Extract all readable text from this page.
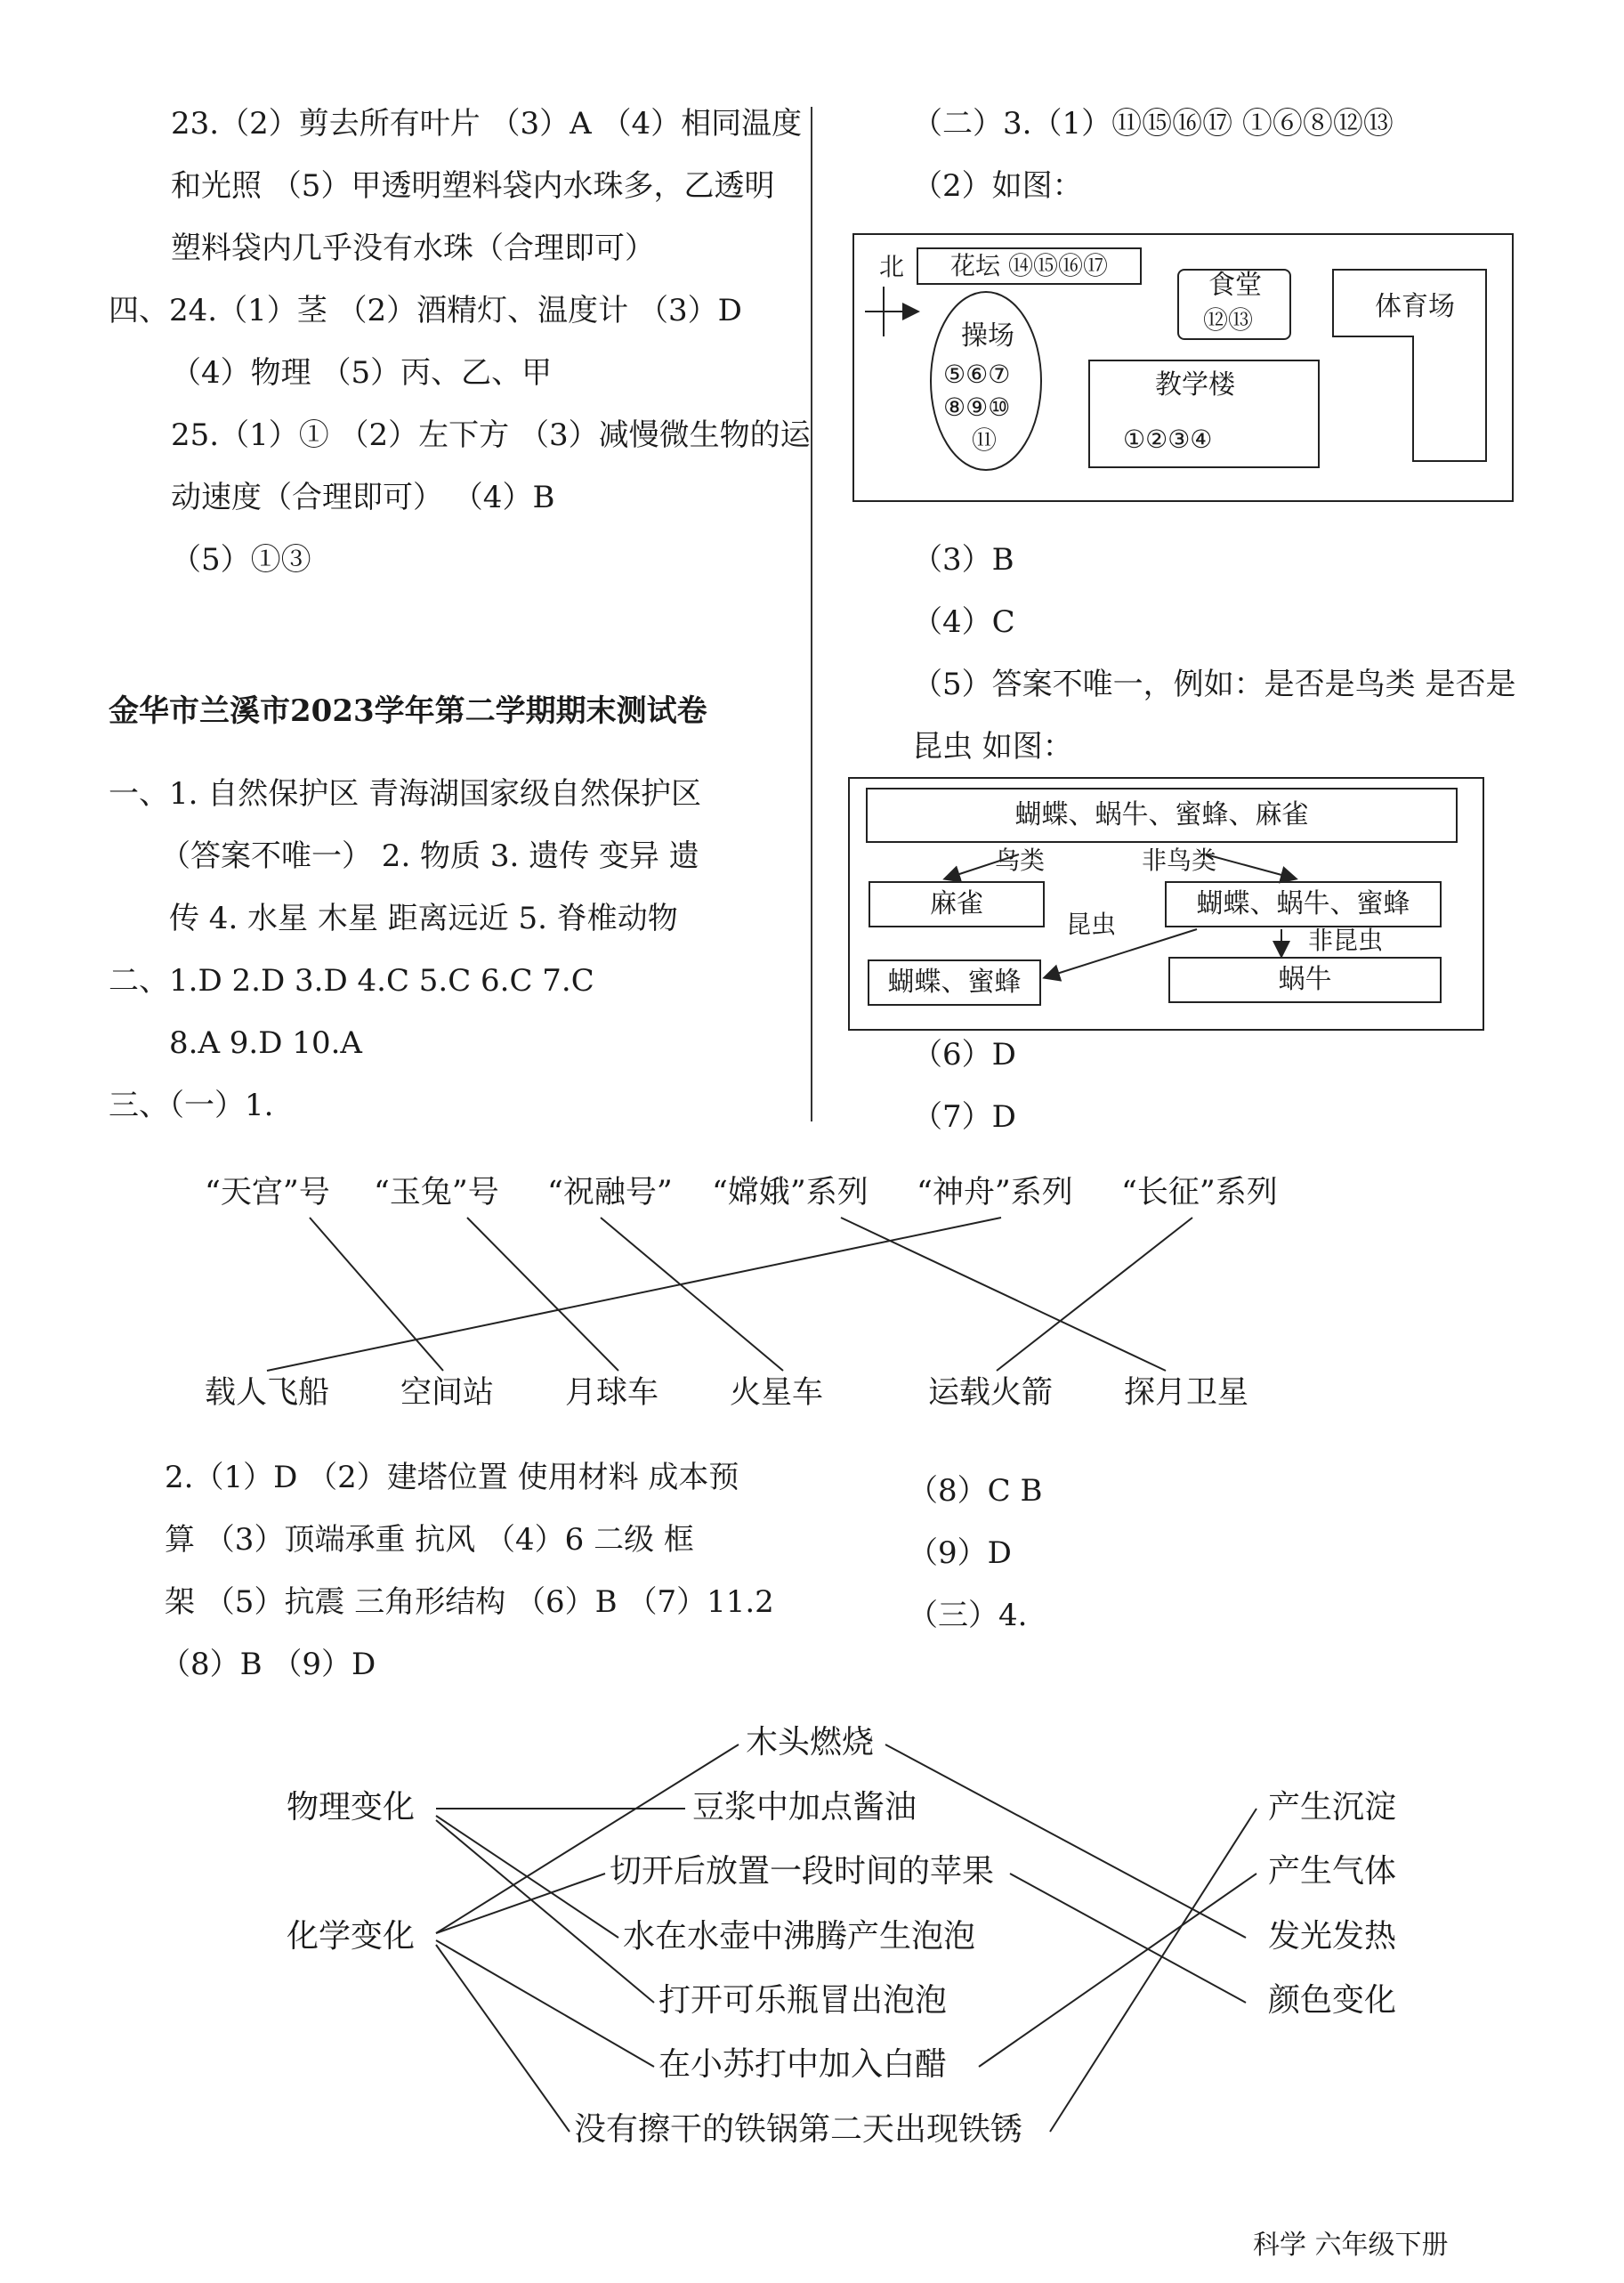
23.（2）剪去所有叶片 （3）A （4）相同温度
和光照 （5）甲透明塑料袋内水珠多，乙透明
塑料袋内几乎没有水珠（合理即可）
四、24.（1）茎 （2）酒精灯、温度计 （3）D
（4）物理 （5）丙、乙、甲
25.（1）① （2）左下方 （3）减慢微生物的运
动速度（合理即可） （4）B
（5）①③
金华市兰溪市2023学年第二学期期末测试卷
一、1. 自然保护区 青海湖国家级自然保护区
（答案不唯一） 2. 物质 3. 遗传 变异 遗
传 4. 水星 木星 距离远近 5. 脊椎动物
二、1.D 2.D 3.D 4.C 5.C 6.C 7.C
8.A 9.D 10.A
三、（一）1.
（二）3.（1）⑪⑮⑯⑰ ①⑥⑧⑫⑬
（2）如图：
北	花坛 ⑭⑮⑯⑰
食堂
⑫⑬	体育场
操场
⑤⑥⑦
⑧⑨⑩
⑪
教学楼
①②③④
（3）B
（4）C
（5）答案不唯一，例如：是否是鸟类 是否是
昆虫 如图：
蝴蝶、蜗牛、蜜蜂、麻雀
鸟类	非鸟类
麻雀	蝴蝶、蜗牛、蜜蜂
昆虫
非昆虫
蝴蝶、蜜蜂	蜗牛
（6）D
（7）D
“天宫”号 “玉兔”号 “祝融号” “嫦娥”系列 “神舟”系列 “长征”系列
载人飞船 空间站 月球车 火星车	运载火箭 探月卫星
2.（1）D （2）建塔位置 使用材料 成本预
算 （3）顶端承重 抗风 （4）6 二级 框
架 （5）抗震 三角形结构 （6）B （7）11.2
（8）B （9）D
（8）C B
（9）D
（三）4.
物理变化
化学变化
木头燃烧
豆浆中加点酱油
切开后放置一段时间的苹果
水在水壶中沸腾产生泡泡
打开可乐瓶冒出泡泡
在小苏打中加入白醋
没有擦干的铁锅第二天出现铁锈
产生沉淀
产生气体
发光发热
颜色变化
科学 六年级下册
